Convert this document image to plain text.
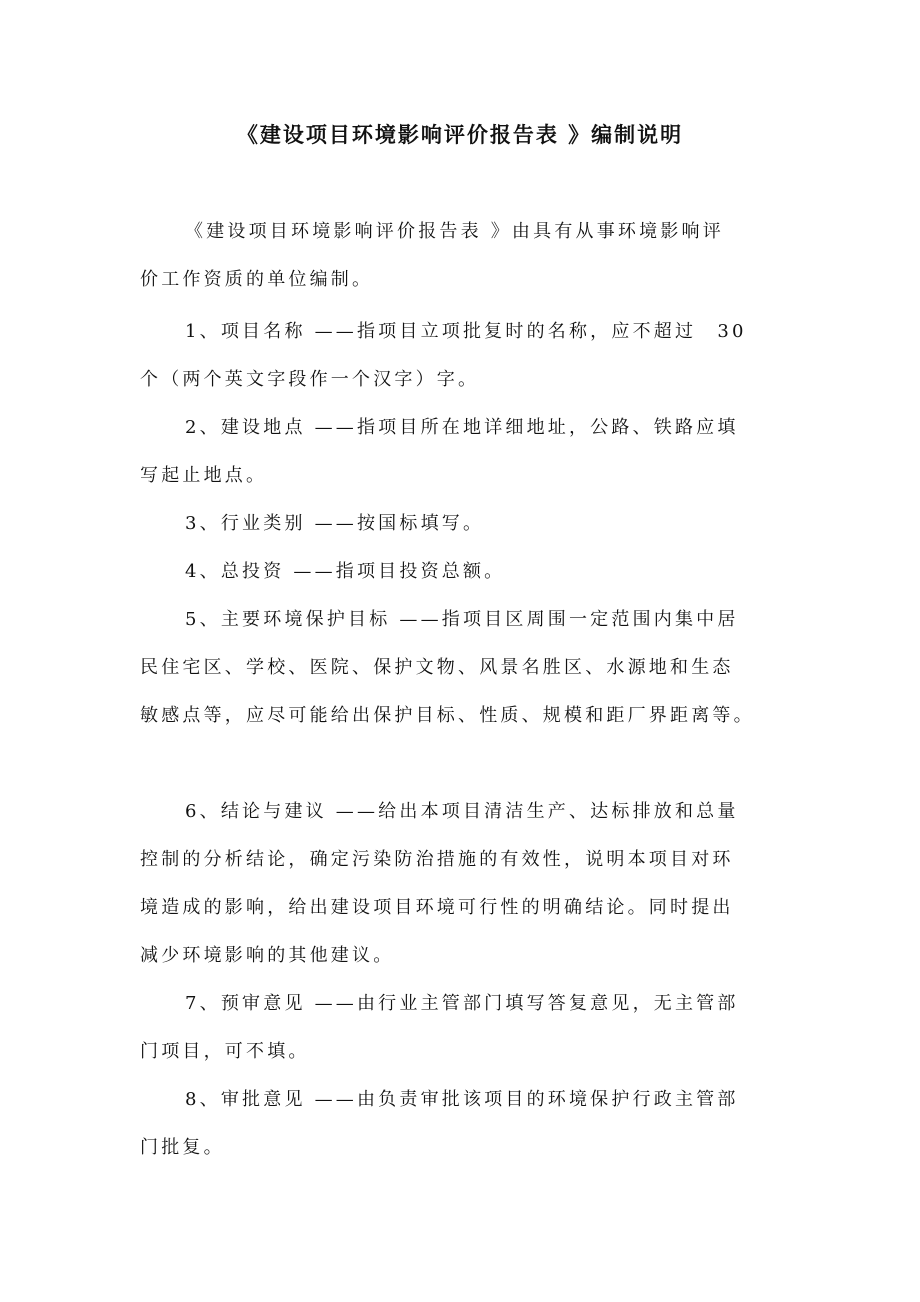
《建设项目环境影响评价报告表 》编制说明
《建设项目环境影响评价报告表 》由具有从事环境影响评
价工作资质的单位编制。
1、项目名称 ——指项目立项批复时的名称，应不超过　30
个（两个英文字段作一个汉字）字。
2、建设地点 ——指项目所在地详细地址，公路、铁路应填
写起止地点。
3、行业类别 ——按国标填写。
4、总投资 ——指项目投资总额。
5、主要环境保护目标 ——指项目区周围一定范围内集中居
民住宅区、学校、医院、保护文物、风景名胜区、水源地和生态
敏感点等，应尽可能给出保护目标、性质、规模和距厂界距离等。
6、结论与建议 ——给出本项目清洁生产、达标排放和总量
控制的分析结论，确定污染防治措施的有效性，说明本项目对环
境造成的影响，给出建设项目环境可行性的明确结论。同时提出
减少环境影响的其他建议。
7、预审意见 ——由行业主管部门填写答复意见，无主管部
门项目，可不填。
8、审批意见 ——由负责审批该项目的环境保护行政主管部
门批复。
